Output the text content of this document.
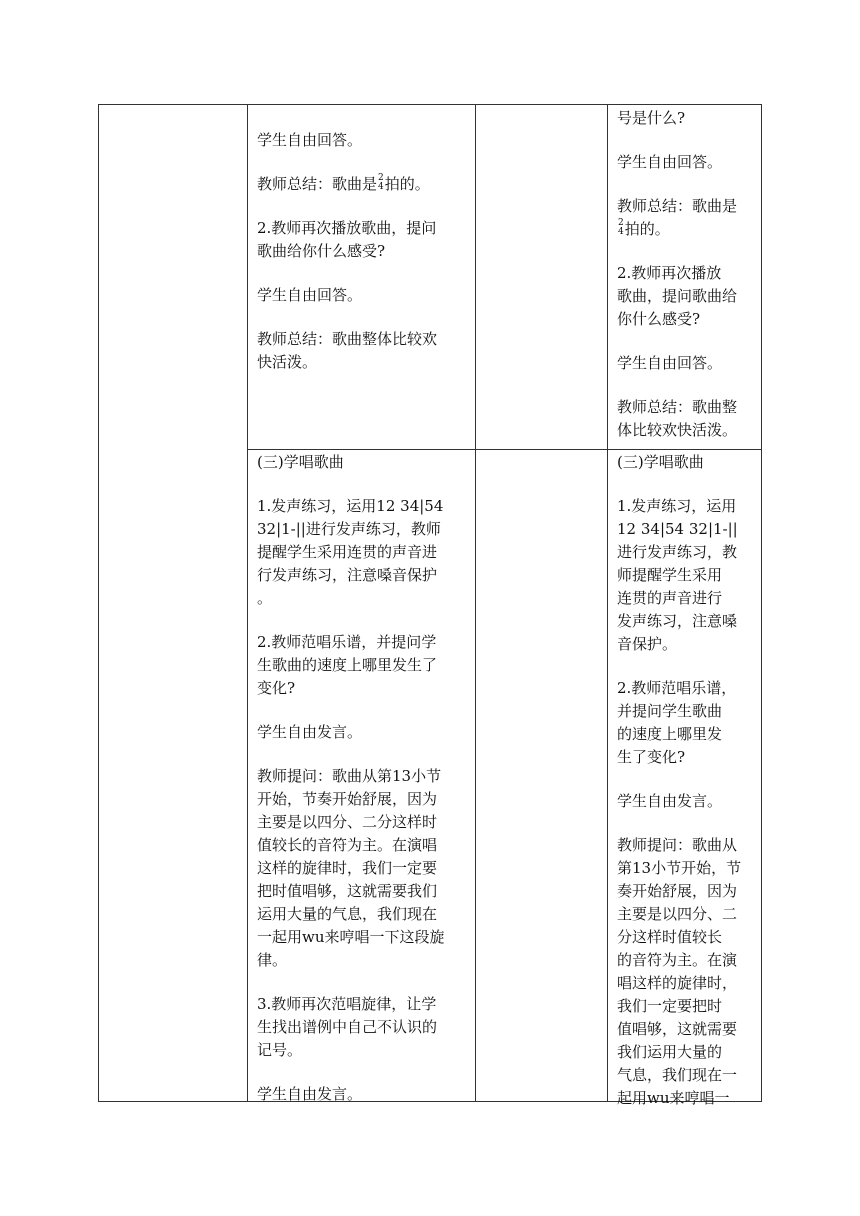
学生自由回答。

教师总结：歌曲是 2
4 拍的。

2.教师再次播放歌曲，提问

歌曲给你什么感受?

学生自由回答。

教师总结：歌曲整体比较欢

快活泼。

号是什么?

学生自由回答。

教师总结：歌曲是

2
4 拍的。

2.教师再次播放

歌曲，提问歌曲给

你什么感受?

学生自由回答。

教师总结：歌曲整

体比较欢快活泼。

(三)学唱歌曲

1.发声练习，运用12 34|54

32|1-||进行发声练习，教师

提醒学生采用连贯的声音进

行发声练习，注意嗓音保护

。

2.教师范唱乐谱，并提问学

生歌曲的速度上哪里发生了

变化?

学生自由发言。

教师提问：歌曲从第13小节

开始，节奏开始舒展，因为

主要是以四分、二分这样时

值较长的音符为主。在演唱

这样的旋律时，我们一定要

把时值唱够，这就需要我们

运用大量的气息，我们现在

一起用wu来哼唱一下这段旋

律。

3.教师再次范唱旋律，让学

生找出谱例中自己不认识的

记号。

学生自由发言。

(三)学唱歌曲

1.发声练习，运用

12 34|54 32|1-||

进行发声练习，教

师提醒学生采用

连贯的声音进行

发声练习，注意嗓

音保护。

2.教师范唱乐谱，

并提问学生歌曲

的速度上哪里发

生了变化?

学生自由发言。

教师提问：歌曲从

第13小节开始，节

奏开始舒展，因为

主要是以四分、二

分这样时值较长

的音符为主。在演

唱这样的旋律时，

我们一定要把时

值唱够，这就需要

我们运用大量的

气息，我们现在一

起用wu来哼唱一
